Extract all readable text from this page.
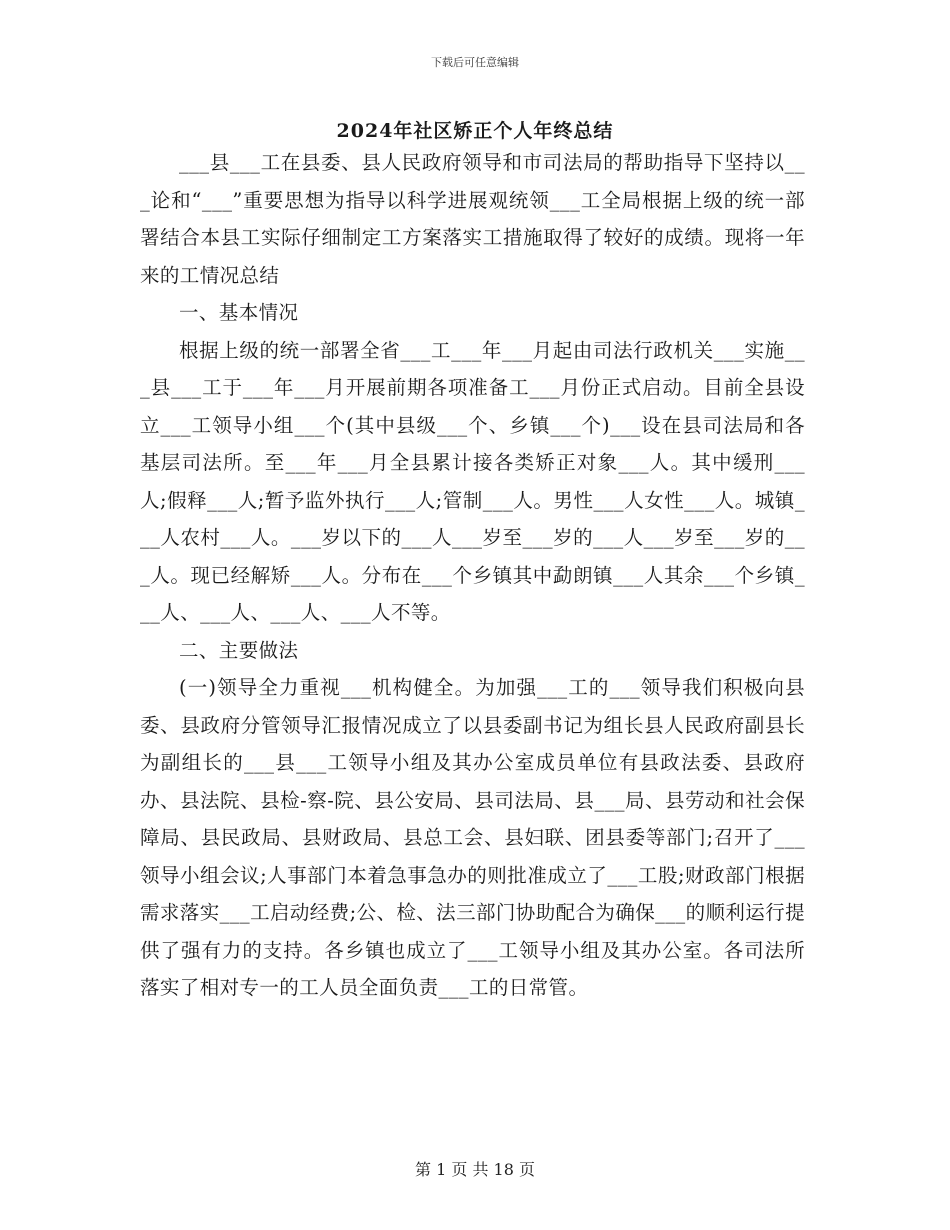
下载后可任意编辑
2024年社区矫正个人年终总结

___县___工在县委、县人民政府领导和市司法局的帮助指导下坚持以___论和“___”重要思想为指导以科学进展观统领___工全局根据上级的统一部署结合本县工实际仔细制定工方案落实工措施取得了较好的成绩。现将一年来的工情况总结

一、基本情况

根据上级的统一部署全省___工___年___月起由司法行政机关___实施___县___工于___年___月开展前期各项准备工___月份正式启动。目前全县设立___工领导小组___个(其中县级___个、乡镇___个)___设在县司法局和各基层司法所。至___年___月全县累计接各类矫正对象___人。其中缓刑___人;假释___人;暂予监外执行___人;管制___人。男性___人女性___人。城镇___人农村___人。___岁以下的___人___岁至___岁的___人___岁至___岁的___人。现已经解矫___人。分布在___个乡镇其中勐朗镇___人其余___个乡镇___人、___人、___人、___人不等。

二、主要做法

(一)领导全力重视___机构健全。为加强___工的___领导我们积极向县委、县政府分管领导汇报情况成立了以县委副书记为组长县人民政府副县长为副组长的___县___工领导小组及其办公室成员单位有县政法委、县政府办、县法院、县检-察-院、县公安局、县司法局、县___局、县劳动和社会保障局、县民政局、县财政局、县总工会、县妇联、团县委等部门;召开了___领导小组会议;人事部门本着急事急办的则批准成立了___工股;财政部门根据需求落实___工启动经费;公、检、法三部门协助配合为确保___的顺利运行提供了强有力的支持。各乡镇也成立了___工领导小组及其办公室。各司法所落实了相对专一的工人员全面负责___工的日常管。

第 1 页 共 18 页
